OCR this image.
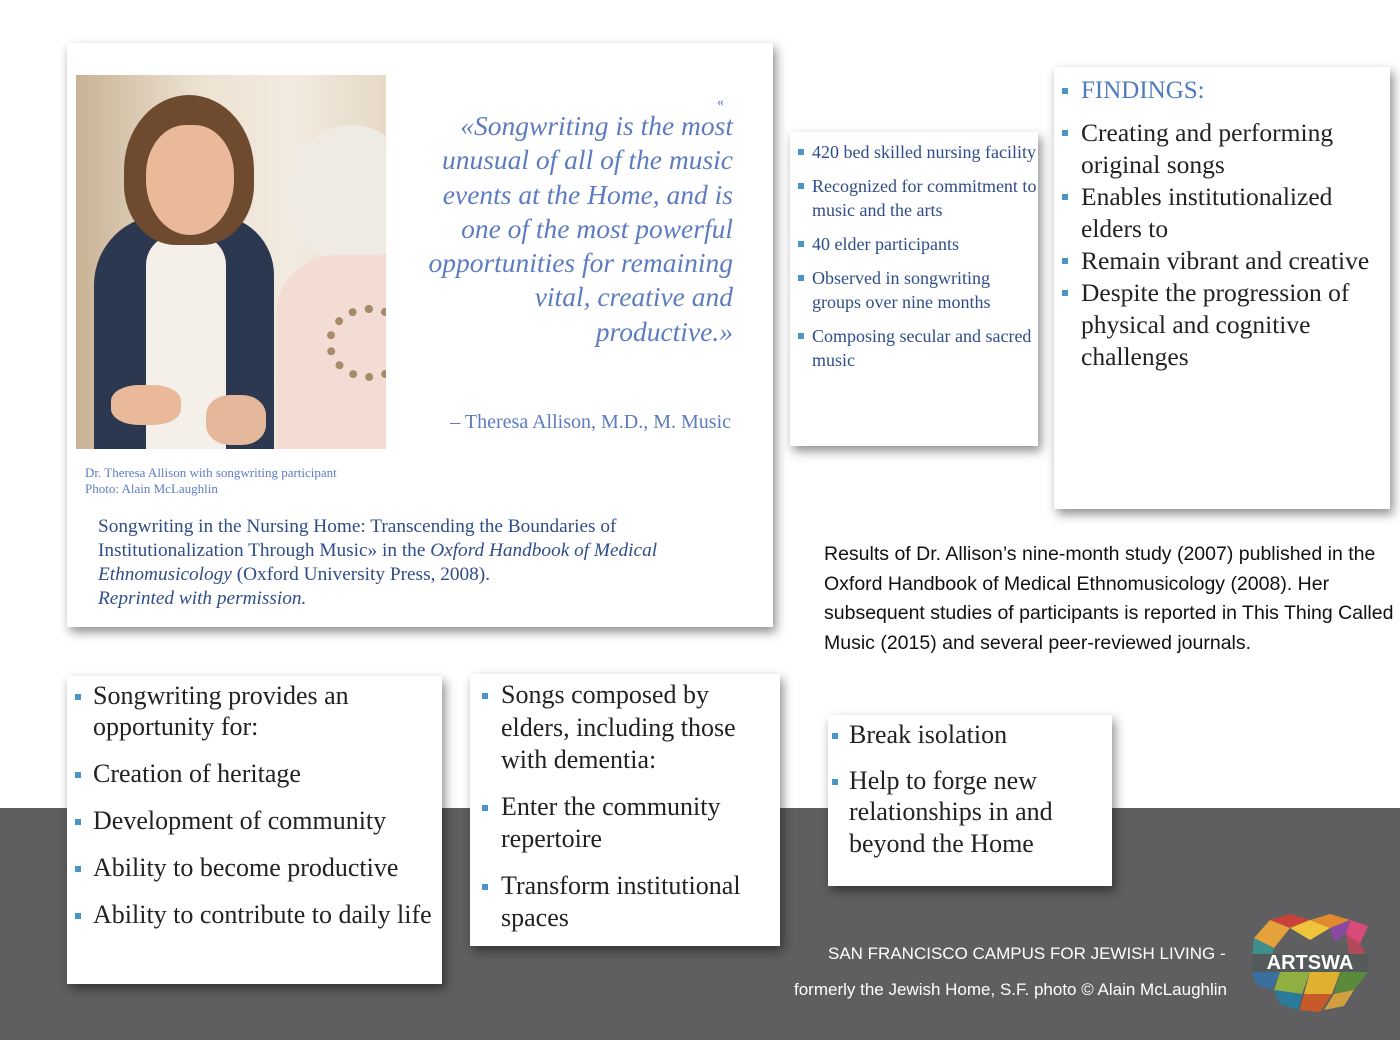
«

«Songwriting is the most unusual of all of the music events at the Home, and is one of the most powerful opportunities for remaining vital, creative and productive.»

– Theresa Allison, M.D., M. Music
Dr. Theresa Allison with songwriting participant
Photo: Alain McLaughlin
Songwriting in the Nursing Home: Transcending the Boundaries of Institutionalization Through Music» in the Oxford Handbook of Medical Ethnomusicology (Oxford University Press, 2008).
Reprinted with permission.
420 bed skilled nursing facility
Recognized for commitment to music and the arts
40 elder participants
Observed in songwriting groups over nine months
Composing secular and sacred music
FINDINGS:
Creating and performing original songs
Enables institutionalized elders to
Remain vibrant and creative
Despite the progression of physical and cognitive challenges

Results of Dr. Allison’s nine-month study (2007) published in the Oxford Handbook of Medical Ethnomusicology (2008). Her subsequent studies of participants is reported in This Thing Called Music (2015) and several peer-reviewed journals.

Songwriting provides an opportunity for:
Creation of heritage
Development of community
Ability to become productive
Ability to contribute to daily life
Songs composed by elders, including those with dementia:
Enter the community repertoire
Transform institutional spaces
Break isolation
Help to forge new relationships in and beyond the Home
SAN FRANCISCO CAMPUS FOR JEWISH LIVING -
formerly the Jewish Home, S.F. photo © Alain McLaughlin
ARTSWA
